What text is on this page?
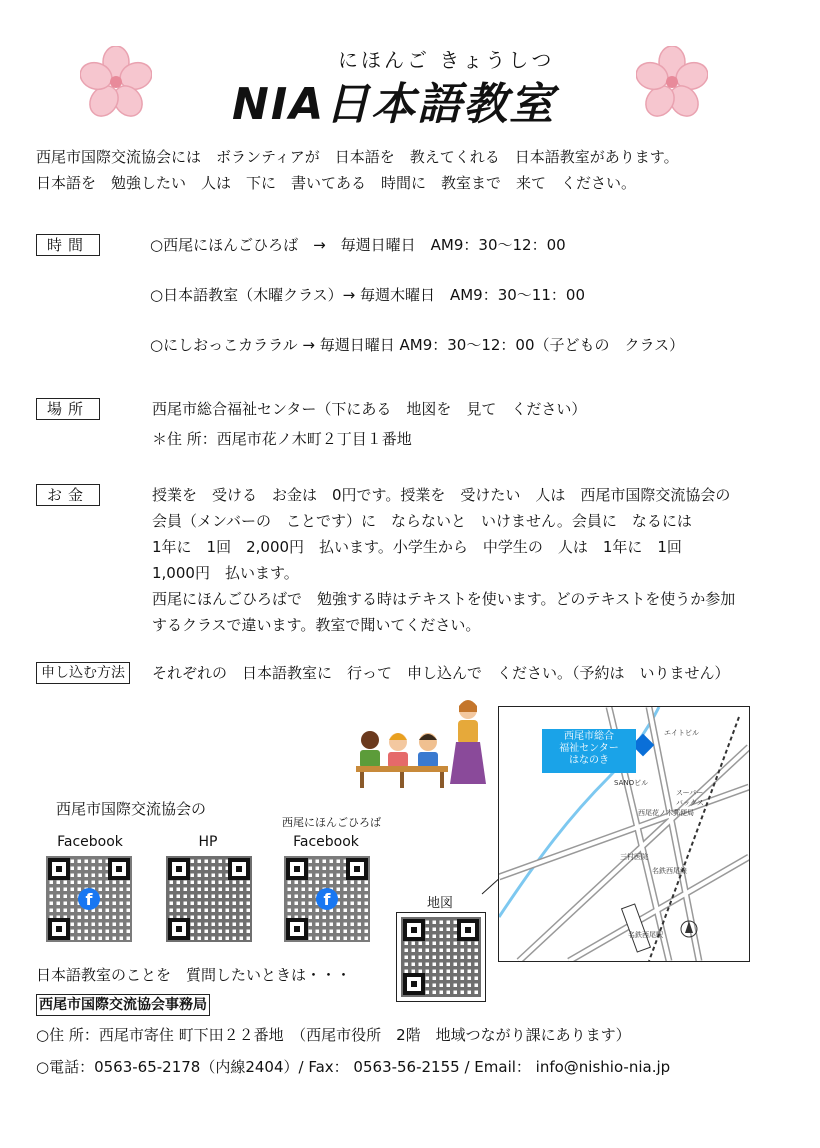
にほんご きょうしつ
NIA日本語教室
西尾市国際交流協会には　ボランティアが　日本語を　教えてくれる　日本語教室があります。
日本語を　勉強したい　人は　下に　書いてある　時間に　教室まで　来て　ください。
時間	○西尾にほんごひろば　→　毎週日曜日　AM9：30～12：00
○日本語教室（木曜クラス）→ 毎週木曜日　AM9：30～11：00
○にしおっこカララル → 毎週日曜日 AM9：30～12：00（子どもの　クラス）
場所	西尾市総合福祉センター（下にある　地図を　見て　ください）
＊住 所：西尾市花ノ木町２丁目１番地
お金	授業を　受ける　お金は　0円です。授業を　受けたい　人は　西尾市国際交流協会の
会員（メンバーの　ことです）に　ならないと　いけません。会員に　なるには
1年に　1回　2,000円　払います。小学生から　中学生の　人は　1年に　1回
1,000円　払います。
西尾にほんごひろばで　勉強する時はテキストを使います。どのテキストを使うか参加
するクラスで違います。教室で聞いてください。
申し込む方法	それぞれの　日本語教室に　行って　申し込んで　ください。（予約は　いりません）
西尾市国際交流協会の
西尾にほんごひろば
Facebook	HP	Facebook
f	f	地図
西尾市総合
福祉センター
はなのき
エイトビル
SANOビル
スーパー
バックス
西尾花ノ木郵便局
三村医院
名鉄西尾線
名鉄西尾駅
日本語教室のことを　質問したいときは・・・
西尾市国際交流協会事務局
○住 所：西尾市寄住 町下田２２番地　（西尾市役所　2階　地域つながり課にあります）
○電話：0563-65-2178（内線2404）/ Fax： 0563-56-2155 / Email： info@nishio-nia.jp
